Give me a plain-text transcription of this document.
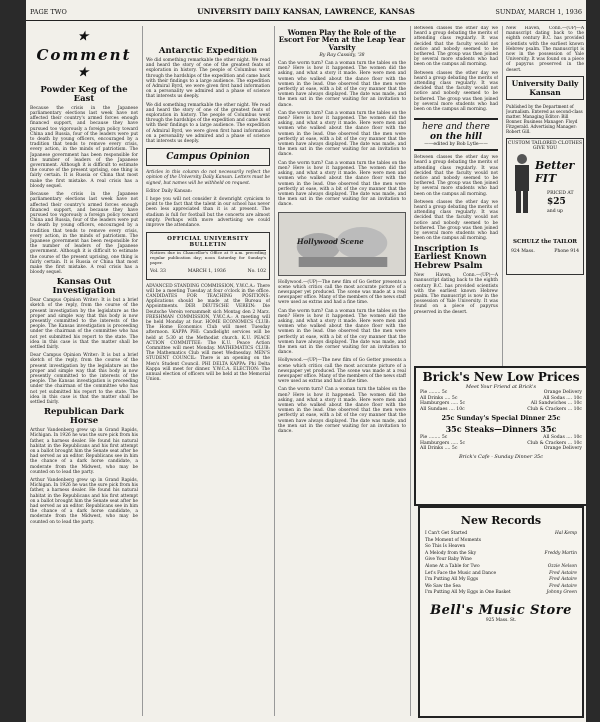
PAGE TWO	UNIVERSITY DAILY KANSAN, LAWRENCE, KANSAS	SUNDAY, MARCH 1, 1936
★ Comment ★
Powder Keg of the East

Because the crisis in the Japanese parliamentary elections last week have not affected their country's armed forces enough financed support, and because they have pursued too vigorously a foreign policy toward China and Russia, four of the leaders were put to death by young officers, encouraged by a tradition that tends to remove every crisis, every action, in the minds of patriotism. The Japanese government has been responsible for the number of leaders of the Japanese government. Although it is difficult to estimate the course of the present uprising, one thing is fairly certain. It is Russia or China that most make the first mistake. A real crisis has a bloody sequel.

Because the crisis in the Japanese parliamentary elections last week have not affected their country's armed forces enough financed support, and because they have pursued too vigorously a foreign policy toward China and Russia, four of the leaders were put to death by young officers, encouraged by a tradition that tends to remove every crisis, every action, in the minds of patriotism. The Japanese government has been responsible for the number of leaders of the Japanese government. Although it is difficult to estimate the course of the present uprising, one thing is fairly certain. It is Russia or China that most make the first mistake. A real crisis has a bloody sequel.

Kansas Out Investigation

Dear Campus Opinion Writer: It is but a brief sketch of the reply, from the course of the present investigation by the legislature as the proper and simple way that this body is now presently committed to the interests of the people. The Kansas investigation is proceeding under the chairman of the committee who has not yet submitted his report to the state. The idea in this case is that the matter shall be settled fairly.

Dear Campus Opinion Writer: It is but a brief sketch of the reply, from the course of the present investigation by the legislature as the proper and simple way that this body is now presently committed to the interests of the people. The Kansas investigation is proceeding under the chairman of the committee who has not yet submitted his report to the state. The idea in this case is that the matter shall be settled fairly.

Republican Dark Horse

Arthur Vandenberg grew up in Grand Rapids, Michigan. In 1926 he was the sure pick from his father, a harness dealer. He found his natural habitat in the Republicans and his first attempt on a ballot brought him the Senate seat after he had served as an editor. Republicans see in him the chance of a dark horse candidate, a moderate from the Midwest, who may be counted on to lead the party.

Arthur Vandenberg grew up in Grand Rapids, Michigan. In 1926 he was the sure pick from his father, a harness dealer. He found his natural habitat in the Republicans and his first attempt on a ballot brought him the Senate seat after he had served as an editor. Republicans see in him the chance of a dark horse candidate, a moderate from the Midwest, who may be counted on to lead the party.

Antarctic Expedition

We did something remarkable the other night. We read and heard the story of one of the greatest feats of exploration in history. The people of Columbus went through the hardships of the expedition and came back with their findings to a large audience. The expedition of Admiral Byrd, we were given first hand information on a personality we admired and a phase of science that interests us deeply.

We did something remarkable the other night. We read and heard the story of one of the greatest feats of exploration in history. The people of Columbus went through the hardships of the expedition and came back with their findings to a large audience. The expedition of Admiral Byrd, we were given first hand information on a personality we admired and a phase of science that interests us deeply.

Campus Opinion

Articles in this column do not necessarily reflect the opinion of the University Daily Kansan. Letters must be signed, but names will be withheld on request.

Editor Daily Kansan:

I hope you will not consider it downright cynicism to point to the fact that the talent in our school has never been less appreciated than it is at present. The stadium is full for football but the concerts are almost empty. Perhaps with more advertising we could improve the attendance.

OFFICIAL UNIVERSITY BULLETIN

Notices due in Chancellor's Office at 9 a.m. preceding regular publication day; noon Saturday for Sunday's paper.

Vol. 33	MARCH 1, 1936	No. 102

ADVANCED STANDING COMMISSION, Y.W.C.A.: There will be a meeting Tuesday at four o'clock in the office. CANDIDATES FOR TEACHING POSITIONS: Applications should be made at the Bureau of Appointments. DER DEUTSCHE VEREIN: Die Deutsche Verein versammelt sich Montag den 2 Marz. FRESHMAN COMMISSION, Y.W.C.A.: A meeting will be held Monday at four. HOME ECONOMICS CLUB: The Home Economics Club will meet Tuesday afternoon. KAPPA PHI: Candlelight services will be held at 5:30 at the Methodist church. K.U. PEACE ACTION COMMITTEE: The K.U. Peace Action Committee will meet Monday. MATHEMATICS CLUB: The Mathematics Club will meet Wednesday. MEN'S STUDENT COUNCIL: There is an opening on the Men's Student Council. PHI DELTA KAPPA: Phi Delta Kappa will meet for dinner. Y.W.C.A. ELECTION: The annual election of officers will be held at the Memorial Union.

Women Play the Role of the Escort For Men at the Leap Year Varsity
By Ray Cassidy, '38

Can the worm turn? Can a woman turn the tables on the men? Here is how it happened. The women did the asking, and what a story it made. Here were men and women who walked about the dance floor with the women in the lead. One observed that the men were perfectly at ease, with a bit of the coy manner that the women have always displayed. The date was made, and the men sat in the corner waiting for an invitation to dance.

Can the worm turn? Can a woman turn the tables on the men? Here is how it happened. The women did the asking, and what a story it made. Here were men and women who walked about the dance floor with the women in the lead. One observed that the men were perfectly at ease, with a bit of the coy manner that the women have always displayed. The date was made, and the men sat in the corner waiting for an invitation to dance.

Can the worm turn? Can a woman turn the tables on the men? Here is how it happened. The women did the asking, and what a story it made. Here were men and women who walked about the dance floor with the women in the lead. One observed that the men were perfectly at ease, with a bit of the coy manner that the women have always displayed. The date was made, and the men sat in the corner waiting for an invitation to dance.

Hollywood Scene

Hollywood.—(UP)—The new film of Go Getter presents a scene which critics call the most accurate picture of a newspaper yet produced. The scene was made at a real newspaper office. Many of the members of the news staff were used as extras and had a fine time.

Can the worm turn? Can a woman turn the tables on the men? Here is how it happened. The women did the asking, and what a story it made. Here were men and women who walked about the dance floor with the women in the lead. One observed that the men were perfectly at ease, with a bit of the coy manner that the women have always displayed. The date was made, and the men sat in the corner waiting for an invitation to dance.

Hollywood.—(UP)—The new film of Go Getter presents a scene which critics call the most accurate picture of a newspaper yet produced. The scene was made at a real newspaper office. Many of the members of the news staff were used as extras and had a fine time.

Can the worm turn? Can a woman turn the tables on the men? Here is how it happened. The women did the asking, and what a story it made. Here were men and women who walked about the dance floor with the women in the lead. One observed that the men were perfectly at ease, with a bit of the coy manner that the women have always displayed. The date was made, and the men sat in the corner waiting for an invitation to dance.

Between classes the other day we heard a group debating the merits of attending class regularly. It was decided that the faculty would not notice and nobody seemed to be bothered. The group was then joined by several more students who had been on the campus all morning.

Between classes the other day we heard a group debating the merits of attending class regularly. It was decided that the faculty would not notice and nobody seemed to be bothered. The group was then joined by several more students who had been on the campus all morning.

here and there
on the hill
——edited by Bob Lytle——

Between classes the other day we heard a group debating the merits of attending class regularly. It was decided that the faculty would not notice and nobody seemed to be bothered. The group was then joined by several more students who had been on the campus all morning.

Between classes the other day we heard a group debating the merits of attending class regularly. It was decided that the faculty would not notice and nobody seemed to be bothered. The group was then joined by several more students who had been on the campus all morning.

Inscription Is Earliest Known Hebrew Psalm

New Haven, Conn.—(UP)—A manuscript dating back to the eighth century B.C. has provided scientists with the earliest known Hebrew psalm. The manuscript is now in the possession of Yale University. It was found on a piece of papyrus preserved in the desert.

New Haven, Conn.—(UP)—A manuscript dating back to the eighth century B.C. has provided scientists with the earliest known Hebrew psalm. The manuscript is now in the possession of Yale University. It was found on a piece of papyrus preserved in the desert.

University Daily Kansan

Published by the Department of Journalism. Entered as second-class matter. Managing Editor: Bill Bonner. Business Manager: Floyd Fitzgerald. Advertising Manager: Robert Gill.

CUSTOM TAILORED CLOTHES GIVE YOU
Better FIT
PRICED AT
$25
and up
SCHULZ the TAILOR
924 Mass.	Phone 914
Brick's New Low Prices
Meet Your Friend at Brick's
Pie ........ 5c	Orange Delivery
All Drinks .... 5c	All Sodas .... 10c
Hamburgers ..... 5c	All Sandwiches ... 10c
All Sundaes .... 10c	Club & Crackers ... 10c
25c Sunday's Special Dinner 25c
35c Steaks—Dinners 35c
Pie ........ 5c	All Sodas .... 10c
Hamburgers ..... 5c	Club & Crackers ... 10c
All Drinks .... 5c	Orange Delivery
Brick's Cafe · Sunday Dinner 35c
New Records
I Can't Get Started	Hal Kemp
The Moment of Moments
So This Is Heaven
A Melody from the Sky	Freddy Martin
Give Your Baby Wine
Alone At a Table for Two	Ozzie Nelson
Let's Face the Music and Dance	Fred Astaire
I'm Putting All My Eggs	Fred Astaire
We Saw the Sea	Fred Astaire
I'm Putting All My Eggs in One Basket	Johnny Green
Bell's Music Store
925 Mass. St.
